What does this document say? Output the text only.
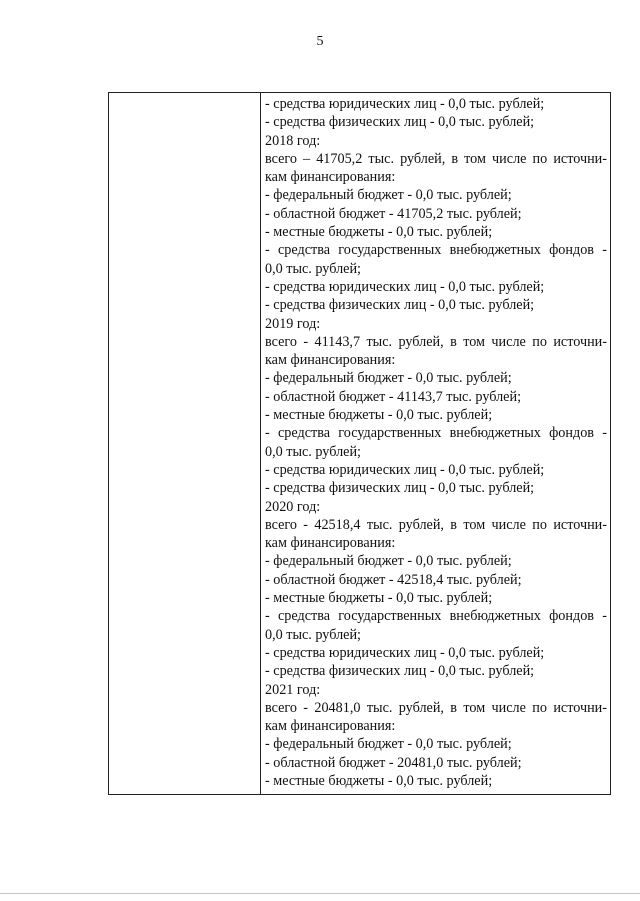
5
- средства юридических лиц - 0,0 тыс. рублей;
- средства физических лиц - 0,0 тыс. рублей;
2018 год:
всего – 41705,2 тыс. рублей, в том числе по источни-
кам финансирования:
- федеральный бюджет - 0,0 тыс. рублей;
- областной бюджет - 41705,2 тыс. рублей;
- местные бюджеты - 0,0 тыс. рублей;
- средства государственных внебюджетных фондов -
0,0 тыс. рублей;
- средства юридических лиц - 0,0 тыс. рублей;
- средства физических лиц - 0,0 тыс. рублей;
2019 год:
всего - 41143,7 тыс. рублей, в том числе по источни-
кам финансирования:
- федеральный бюджет - 0,0 тыс. рублей;
- областной бюджет - 41143,7 тыс. рублей;
- местные бюджеты - 0,0 тыс. рублей;
- средства государственных внебюджетных фондов -
0,0 тыс. рублей;
- средства юридических лиц - 0,0 тыс. рублей;
- средства физических лиц - 0,0 тыс. рублей;
2020 год:
всего - 42518,4 тыс. рублей, в том числе по источни-
кам финансирования:
- федеральный бюджет - 0,0 тыс. рублей;
- областной бюджет - 42518,4 тыс. рублей;
- местные бюджеты - 0,0 тыс. рублей;
- средства государственных внебюджетных фондов -
0,0 тыс. рублей;
- средства юридических лиц - 0,0 тыс. рублей;
- средства физических лиц - 0,0 тыс. рублей;
2021 год:
всего - 20481,0 тыс. рублей, в том числе по источни-
кам финансирования:
- федеральный бюджет - 0,0 тыс. рублей;
- областной бюджет - 20481,0 тыс. рублей;
- местные бюджеты - 0,0 тыс. рублей;
